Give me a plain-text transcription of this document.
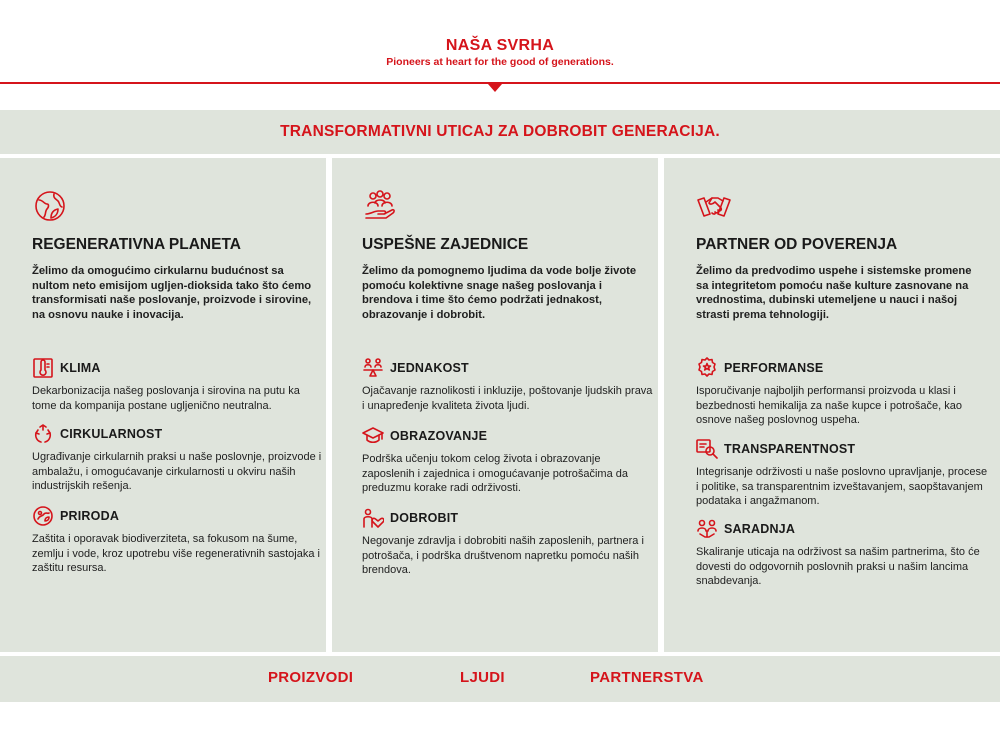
NAŠA SVRHA
Pioneers at heart for the good of generations.
TRANSFORMATIVNI UTICAJ ZA DOBROBIT GENERACIJA.
REGENERATIVNA PLANETA
Želimo da omogućimo cirkularnu budućnost sa nultom neto emisijom ugljen-dioksida tako što ćemo transformisati naše poslovanje, proizvode i sirovine, na osnovu nauke i inovacija.
KLIMA
Dekarbonizacija našeg poslovanja i sirovina na putu ka tome da kompanija postane ugljenično neutralna.
CIRKULARNOST
Ugrađivanje cirkularnih praksi u naše poslovnje, proizvode i ambalažu, i omogućavanje cirkularnosti u okviru naših industrijskih rešenja.
PRIRODA
Zaštita i oporavak biodiverziteta, sa fokusom na šume, zemlju i vode, kroz upotrebu više regenerativnih sastojaka i zaštitu resursa.
USPEŠNE ZAJEDNICE
Želimo da pomognemo ljudima da vode bolje živote pomoću kolektivne snage našeg poslovanja i brendova i time što ćemo podržati jednakost, obrazovanje i dobrobit.
JEDNAKOST
Ojačavanje raznolikosti i inkluzije, poštovanje ljudskih prava i unapređenje kvaliteta života ljudi.
OBRAZOVANJE
Podrška učenju tokom celog života i obrazovanje zaposlenih i zajednica i omogućavanje potrošačima da preduzmu korake radi održivosti.
DOBROBIT
Negovanje zdravlja i dobrobiti naših zaposlenih, partnera i potrošača, i podrška društvenom napretku pomoću naših brendova.
PARTNER OD POVERENJA
Želimo da predvodimo uspehe i sistemske promene sa integritetom pomoću naše kulture zasnovane na vrednostima, dubinski utemeljene u nauci i našoj strasti prema tehnologiji.
PERFORMANSE
Isporučivanje najboljih performansi proizvoda u klasi i bezbednosti hemikalija za naše kupce i potrošače, kao osnove našeg poslovnog uspeha.
TRANSPARENTNOST
Integrisanje održivosti u naše poslovno upravljanje, procese i politike, sa transparentnim izveštavanjem, saopštavanjem podataka i angažmanom.
SARADNJA
Skaliranje uticaja na održivost sa našim partnerima, što će dovesti do odgovornih poslovnih praksi u našim lancima snabdevanja.
PROIZVODI	LJUDI	PARTNERSTVA
